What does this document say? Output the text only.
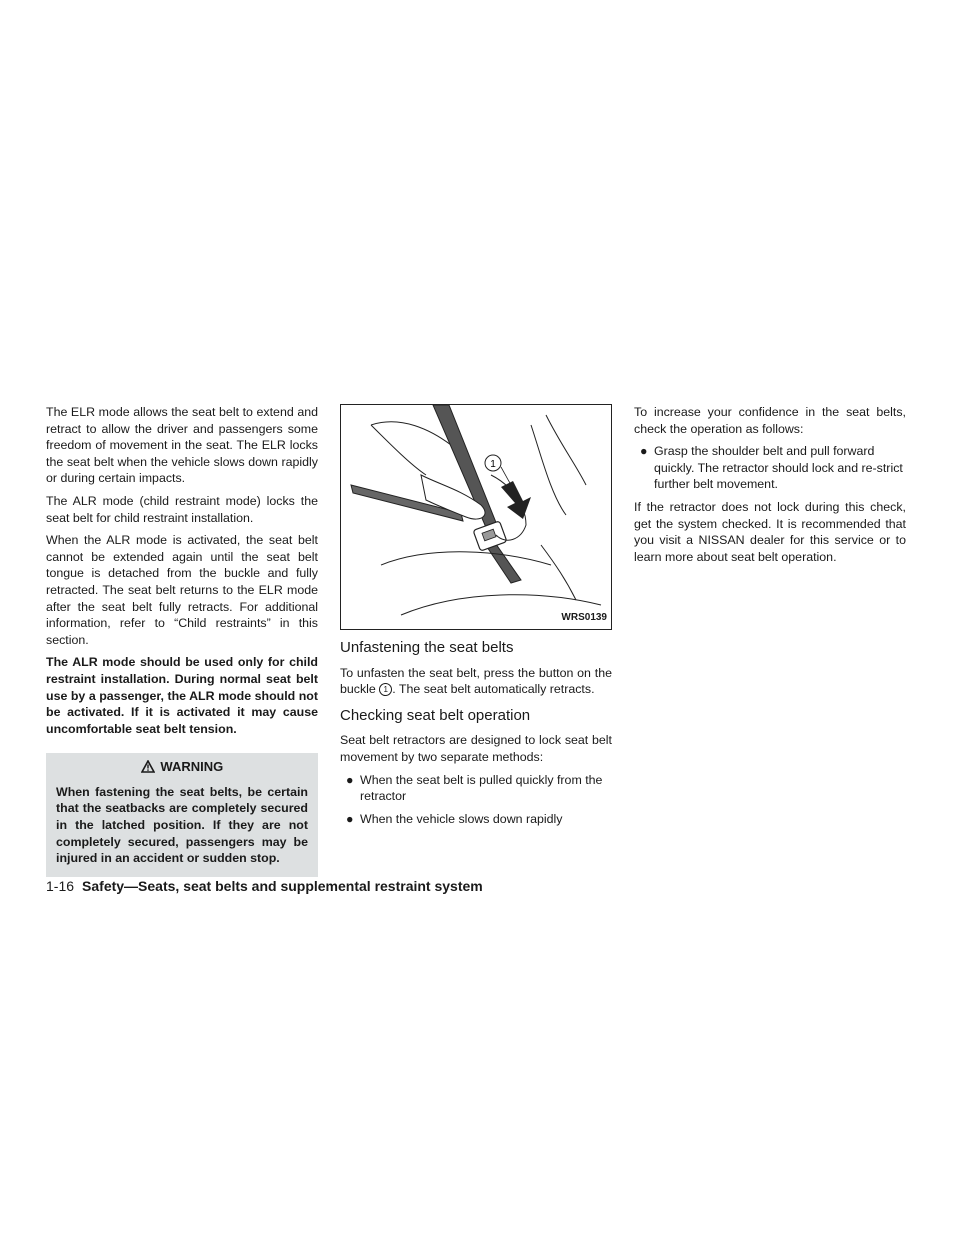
The ELR mode allows the seat belt to extend and retract to allow the driver and passengers some freedom of movement in the seat. The ELR locks the seat belt when the vehicle slows down rapidly or during certain impacts.

The ALR mode (child restraint mode) locks the seat belt for child restraint installation.

When the ALR mode is activated, the seat belt cannot be extended again until the seat belt tongue is detached from the buckle and fully retracted. The seat belt returns to the ELR mode after the seat belt fully retracts. For additional information, refer to “Child restraints” in this section.

The ALR mode should be used only for child restraint installation. During normal seat belt use by a passenger, the ALR mode should not be activated. If it is activated it may cause uncomfortable seat belt tension.

WARNING
When fastening the seat belts, be certain that the seatbacks are completely secured in the latched position. If they are not completely secured, passengers may be injured in an accident or sudden stop.
1
WRS0139
Unfastening the seat belts

To unfasten the seat belt, press the button on the buckle 1 . The seat belt automatically retracts.

Checking seat belt operation

Seat belt retractors are designed to lock seat belt movement by two separate methods:

● When the seat belt is pulled quickly from the retractor
● When the vehicle slows down rapidly

To increase your confidence in the seat belts, check the operation as follows:

● Grasp the shoulder belt and pull forward quickly. The retractor should lock and re-strict further belt movement.

If the retractor does not lock during this check, get the system checked. It is recommended that you visit a NISSAN dealer for this service or to learn more about seat belt operation.

1-16 Safety—Seats, seat belts and supplemental restraint system
